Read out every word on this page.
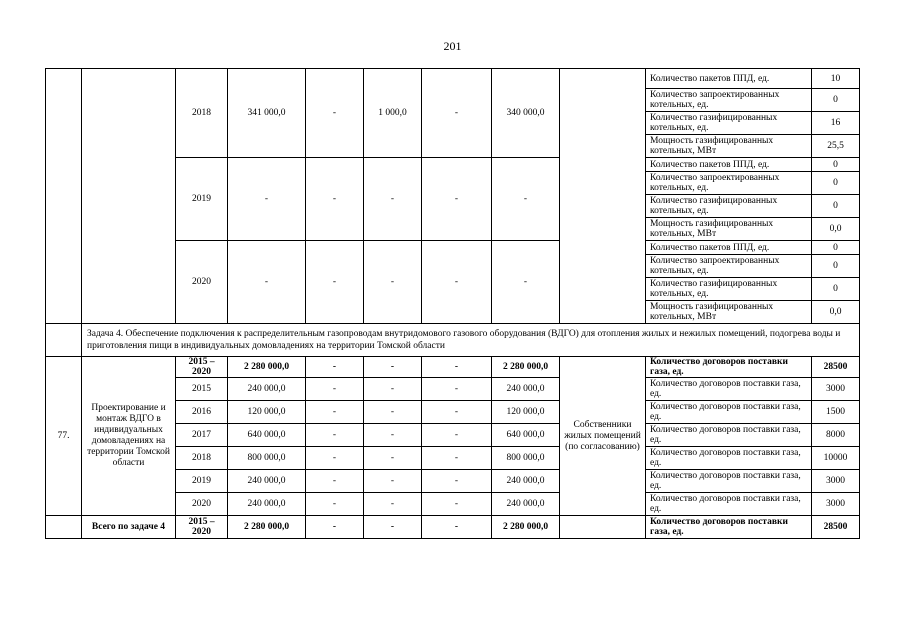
201
		2018	341 000,0	-	1 000,0	-	340 000,0		Количество пакетов ППД, ед.	10
									Количество запроектированных котельных, ед.	0
									Количество газифицированных котельных, ед.	16
									Мощность газифицированных котельных, МВт	25,5
		2019	-	-	-	-	-		Количество пакетов ППД, ед.	0
									Количество запроектированных котельных, ед.	0
									Количество газифицированных котельных, ед.	0
									Мощность газифицированных котельных, МВт	0,0
		2020	-	-	-	-	-		Количество пакетов ППД, ед.	0
									Количество запроектированных котельных, ед.	0
									Количество газифицированных котельных, ед.	0
									Мощность газифицированных котельных, МВт	0,0
	Задача 4. Обеспечение подключения к распределительным газопроводам внутридомового газового оборудования (ВДГО) для отопления жилых и нежилых помещений, подогрева воды и приготовления пищи в индивидуальных домовладениях на территории Томской области									
77.	Проектирование и монтаж ВДГО в индивидуальных домовладениях на территории Томской области	2015 – 2020	2 280 000,0	-	-	-	2 280 000,0	Собственники жилых помещений (по согласованию)	Количество договоров поставки газа, ед.	28500
		2015	240 000,0	-	-	-	240 000,0		Количество договоров поставки газа, ед.	3000
		2016	120 000,0	-	-	-	120 000,0		Количество договоров поставки газа, ед.	1500
		2017	640 000,0	-	-	-	640 000,0		Количество договоров поставки газа, ед.	8000
		2018	800 000,0	-	-	-	800 000,0		Количество договоров поставки газа, ед.	10000
		2019	240 000,0	-	-	-	240 000,0		Количество договоров поставки газа, ед.	3000
		2020	240 000,0	-	-	-	240 000,0		Количество договоров поставки газа, ед.	3000
	Всего по задаче 4	2015 – 2020	2 280 000,0	-	-	-	2 280 000,0		Количество договоров поставки газа, ед.	28500
